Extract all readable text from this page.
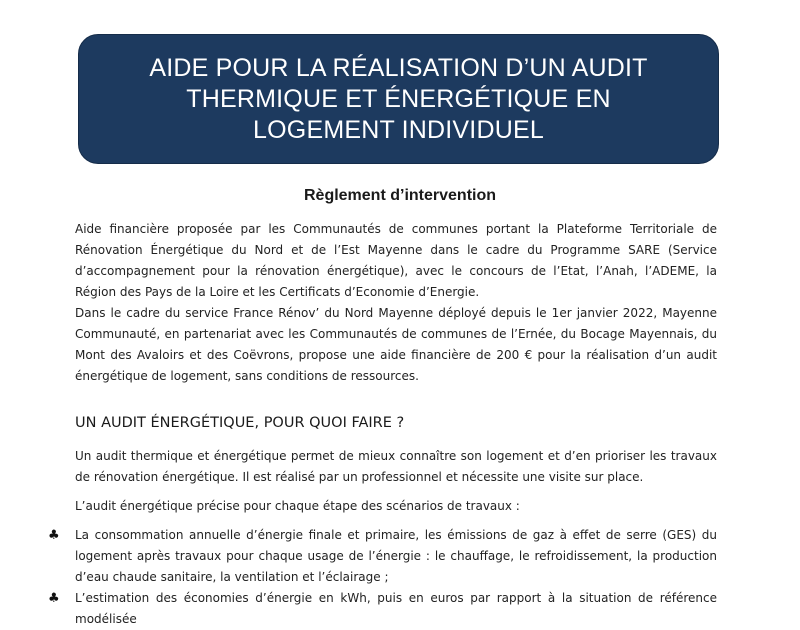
AIDE POUR LA RÉALISATION D’UN AUDIT THERMIQUE ET ÉNERGÉTIQUE EN LOGEMENT INDIVIDUEL
Règlement d’intervention

Aide financière proposée par les Communautés de communes portant la Plateforme Territoriale de Rénovation Énergétique du Nord et de l’Est Mayenne dans le cadre du Programme SARE (Service d’accompagnement pour la rénovation énergétique), avec le concours de l’Etat, l’Anah, l’ADEME, la Région des Pays de la Loire et les Certificats d’Economie d’Energie.

Dans le cadre du service France Rénov’ du Nord Mayenne déployé depuis le 1er janvier 2022, Mayenne Communauté, en partenariat avec les Communautés de communes de l’Ernée, du Bocage Mayennais, du Mont des Avaloirs et des Coëvrons, propose une aide financière de 200 € pour la réalisation d’un audit énergétique de logement, sans conditions de ressources.

UN AUDIT ÉNERGÉTIQUE, POUR QUOI FAIRE ?

Un audit thermique et énergétique permet de mieux connaître son logement et d’en prioriser les travaux de rénovation énergétique. Il est réalisé par un professionnel et nécessite une visite sur place.

L’audit énergétique précise pour chaque étape des scénarios de travaux :

♣ La consommation annuelle d’énergie finale et primaire, les émissions de gaz à effet de serre (GES) du logement après travaux pour chaque usage de l’énergie : le chauffage, le refroidissement, la production d’eau chaude sanitaire, la ventilation et l’éclairage ;
♣ L’estimation des économies d’énergie en kWh, puis en euros par rapport à la situation de référence modélisée
